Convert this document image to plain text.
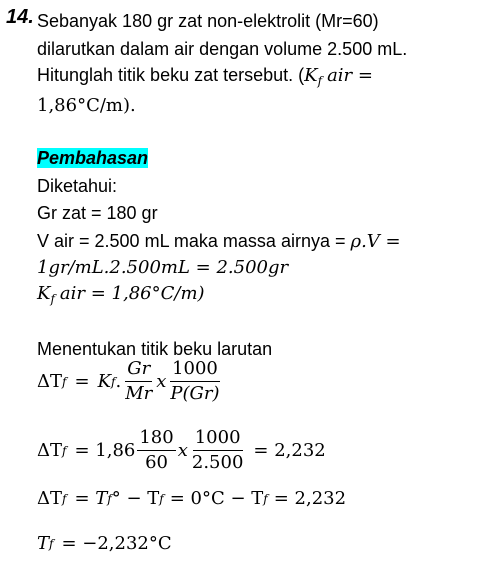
14. Sebanyak 180 gr zat non-elektrolit (Mr=60)
dilarutkan dalam air dengan volume 2.500 mL.
Hitunglah titik beku zat tersebut. ($K_f$ air =
1,86°C/m).
Pembahasan
Diketahui:
Gr zat = 180 gr
V air = 2.500 mL maka massa airnya = ρ.V =
1gr/mL.2.500mL = 2.500gr
$K_f$ air = 1,86°C/m)
Menentukan titik beku larutan
ΔT f = K f . $\frac{Gr}{Mr}$ x $\frac{1000}{P(Gr)}$
ΔT $f = 1,86 \frac{180}{60}$ x $\frac{1000}{2.500} = 2,232$
ΔT f = T f ° − T f = 0°C − T f = 2,232
T f = −2,232°C
